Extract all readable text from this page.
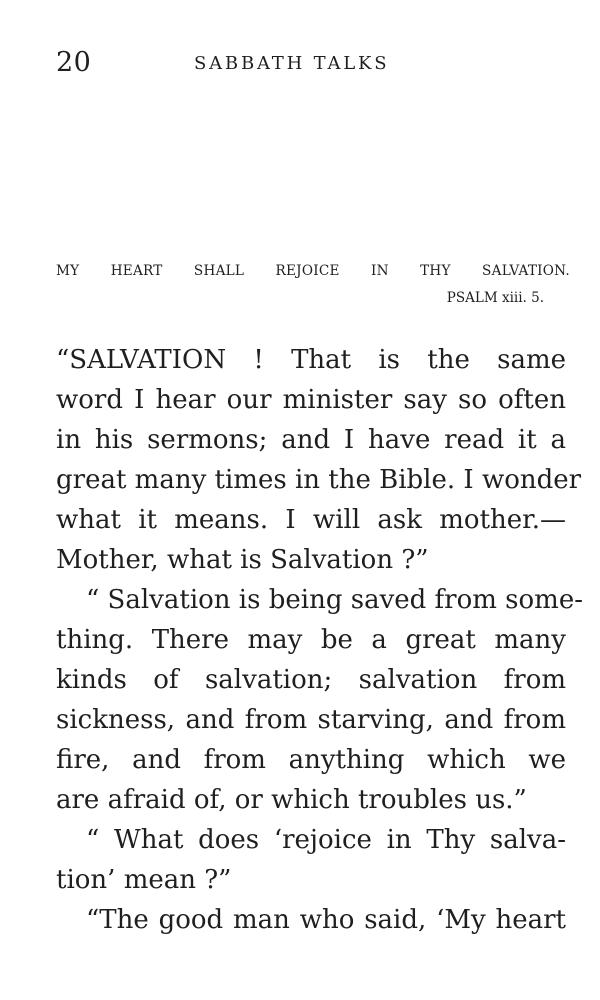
20	SABBATH TALKS
MY HEART SHALL REJOICE IN THY SALVATION.
PSALM xiii. 5.
“SALVATION ! That is the same
word I hear our minister say so often
in his sermons; and I have read it a
great many times in the Bible. I wonder
what it means. I will ask mother.—
Mother, what is Salvation ?”
“ Salvation is being saved from some-
thing. There may be a great many
kinds of salvation; salvation from
sickness, and from starving, and from
fire, and from anything which we
are afraid of, or which troubles us.”
“ What does ‘rejoice in Thy salva-
tion’ mean ?”
“The good man who said, ‘My heart
